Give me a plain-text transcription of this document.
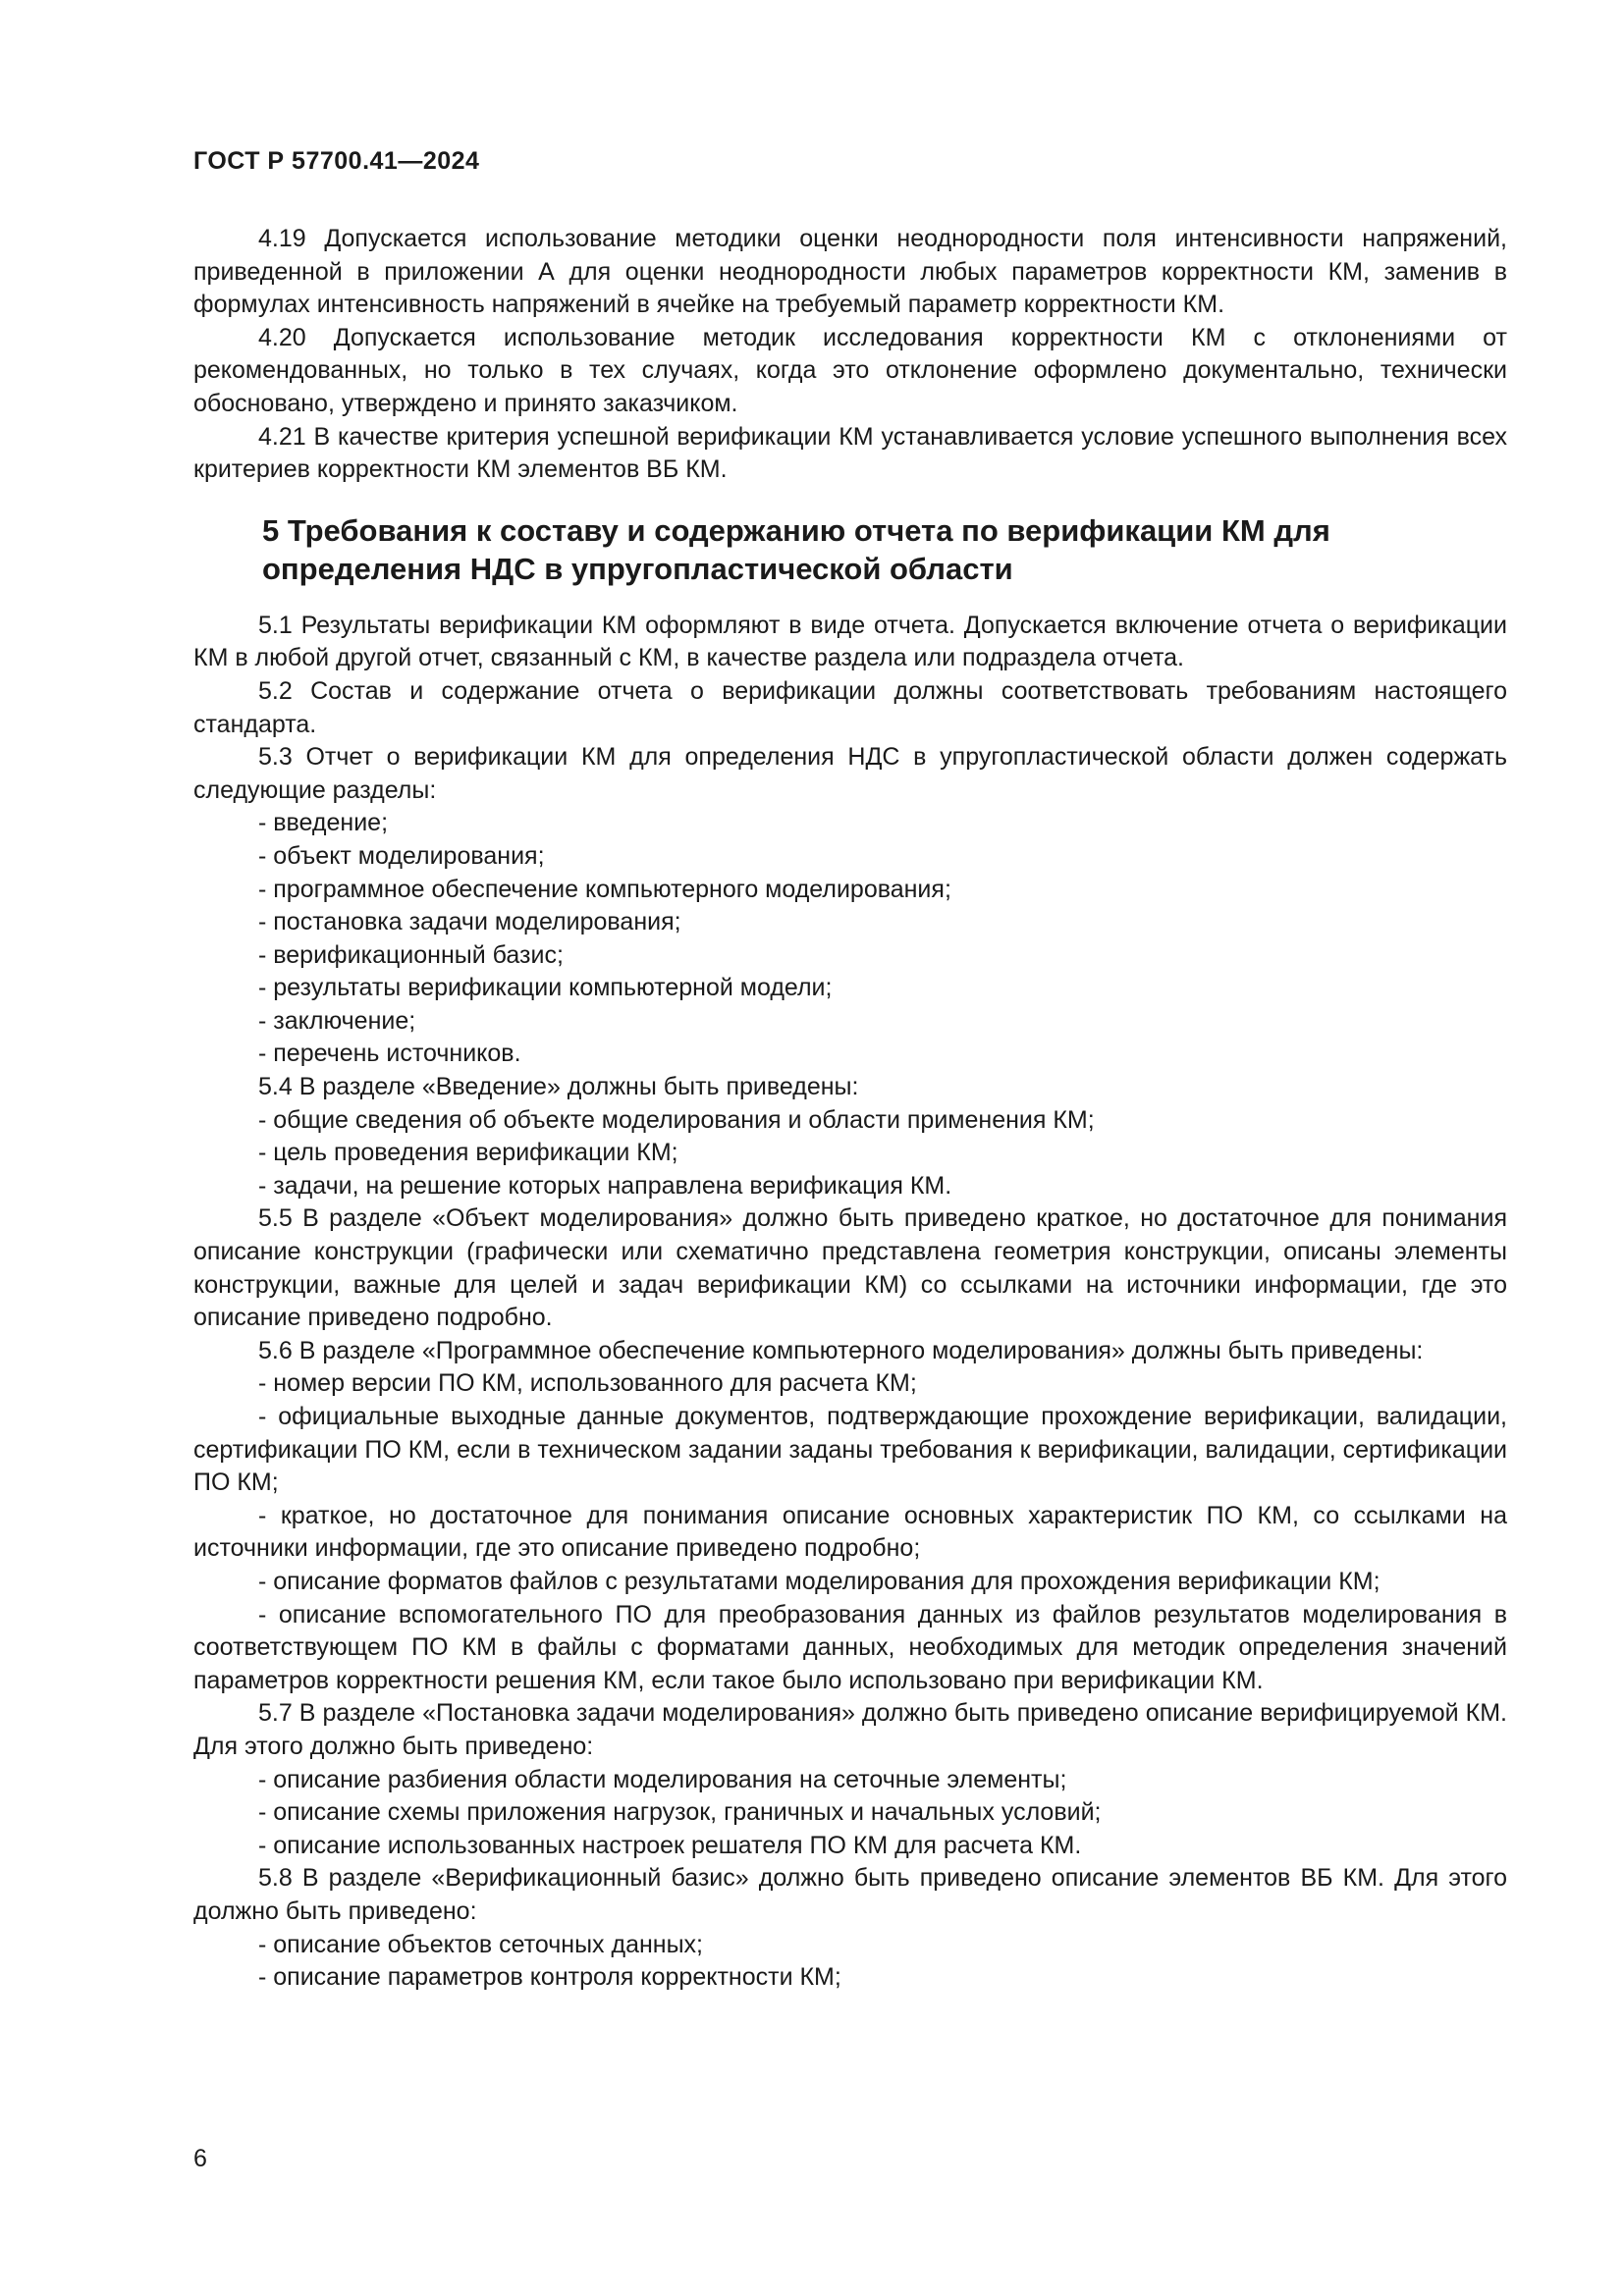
ГОСТ Р 57700.41—2024

4.19 Допускается использование методики оценки неоднородности поля интенсивности напряжений, приведенной в приложении А для оценки неоднородности любых параметров корректности КМ, заменив в формулах интенсивность напряжений в ячейке на требуемый параметр корректности КМ.

4.20 Допускается использование методик исследования корректности КМ с отклонениями от рекомендованных, но только в тех случаях, когда это отклонение оформлено документально, технически обосновано, утверждено и принято заказчиком.

4.21 В качестве критерия успешной верификации КМ устанавливается условие успешного выполнения всех критериев корректности КМ элементов ВБ КМ.

5 Требования к составу и содержанию отчета по верификации КМ для определения НДС в упругопластической области

5.1 Результаты верификации КМ оформляют в виде отчета. Допускается включение отчета о верификации КМ в любой другой отчет, связанный с КМ, в качестве раздела или подраздела отчета.

5.2 Состав и содержание отчета о верификации должны соответствовать требованиям настоящего стандарта.

5.3 Отчет о верификации КМ для определения НДС в упругопластической области должен содержать следующие разделы:

- введение;

- объект моделирования;

- программное обеспечение компьютерного моделирования;

- постановка задачи моделирования;

- верификационный базис;

- результаты верификации компьютерной модели;

- заключение;

- перечень источников.

5.4 В разделе «Введение» должны быть приведены:

- общие сведения об объекте моделирования и области применения КМ;

- цель проведения верификации КМ;

- задачи, на решение которых направлена верификация КМ.

5.5 В разделе «Объект моделирования» должно быть приведено краткое, но достаточное для понимания описание конструкции (графически или схематично представлена геометрия конструкции, описаны элементы конструкции, важные для целей и задач верификации КМ) со ссылками на источники информации, где это описание приведено подробно.

5.6 В разделе «Программное обеспечение компьютерного моделирования» должны быть приведены:

- номер версии ПО КМ, использованного для расчета КМ;

- официальные выходные данные документов, подтверждающие прохождение верификации, валидации, сертификации ПО КМ, если в техническом задании заданы требования к верификации, валидации, сертификации ПО КМ;

- краткое, но достаточное для понимания описание основных характеристик ПО КМ, со ссылками на источники информации, где это описание приведено подробно;

- описание форматов файлов с результатами моделирования для прохождения верификации КМ;

- описание вспомогательного ПО для преобразования данных из файлов результатов моделирования в соответствующем ПО КМ в файлы с форматами данных, необходимых для методик определения значений параметров корректности решения КМ, если такое было использовано при верификации КМ.

5.7 В разделе «Постановка задачи моделирования» должно быть приведено описание верифицируемой КМ. Для этого должно быть приведено:

- описание разбиения области моделирования на сеточные элементы;

- описание схемы приложения нагрузок, граничных и начальных условий;

- описание использованных настроек решателя ПО КМ для расчета КМ.

5.8 В разделе «Верификационный базис» должно быть приведено описание элементов ВБ КМ. Для этого должно быть приведено:

- описание объектов сеточных данных;

- описание параметров контроля корректности КМ;

6
